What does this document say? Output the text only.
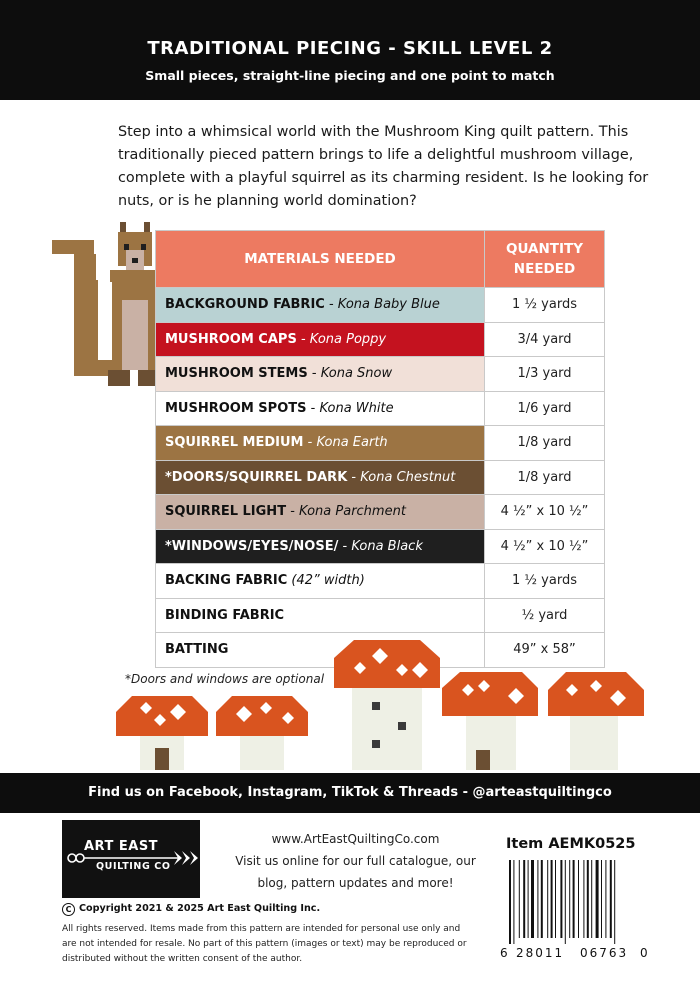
TRADITIONAL PIECING - SKILL LEVEL 2
Small pieces, straight-line piecing and one point to match
Step into a whimsical world with the Mushroom King quilt pattern. This traditionally pieced pattern brings to life a delightful mushroom village, complete with a playful squirrel as its charming resident. Is he looking for nuts, or is he planning world domination?
MATERIALS NEEDED	QUANTITY
NEEDED
BACKGROUND FABRIC - Kona Baby Blue	1 ½ yards
MUSHROOM CAPS - Kona Poppy	3/4 yard
MUSHROOM STEMS - Kona Snow	1/3 yard
MUSHROOM SPOTS - Kona White	1/6 yard
SQUIRREL MEDIUM - Kona Earth	1/8 yard
*DOORS/SQUIRREL DARK - Kona Chestnut	1/8 yard
SQUIRREL LIGHT - Kona Parchment	4 ½” x 10 ½”
*WINDOWS/EYES/NOSE/ - Kona Black	4 ½” x 10 ½”
BACKING FABRIC (42” width)	1 ½ yards
BINDING FABRIC	½ yard
BATTING	49” x 58”
*Doors and windows are optional
Find us on Facebook, Instagram, TikTok & Threads - @arteastquiltingco
ART EAST
QUILTING CO
www.ArtEastQuiltingCo.com
Visit us online for our full catalogue, our
blog, pattern updates and more!
Item AEMK0525
6 28011 06763 0
C Copyright 2021 & 2025 Art East Quilting Inc.
All rights reserved. Items made from this pattern are intended for personal use only and
are not intended for resale. No part of this pattern (images or text) may be reproduced or
distributed without the written consent of the author.
